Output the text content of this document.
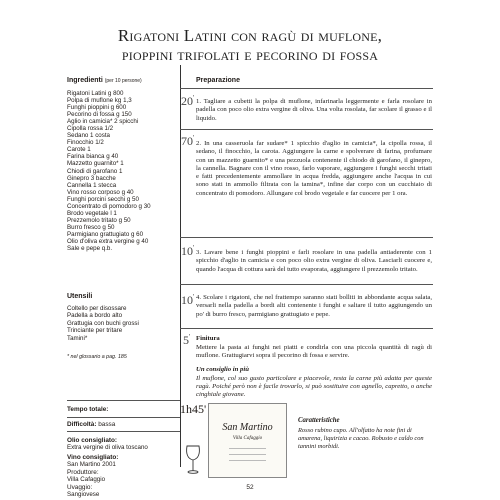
Rigatoni Latini con ragù di muflone,
pioppini trifolati e pecorino di fossa
Ingredienti (per 10 persone)
Rigatoni Latini g 800
Polpa di muflone kg 1,3
Funghi pioppini g 600
Pecorino di fossa g 150
Aglio in camicia* 2 spicchi
Cipolla rossa 1/2
Sedano 1 costa
Finocchio 1/2
Carote 1
Farina bianca g 40
Mazzetto guarnito* 1
Chiodi di garofano 1
Ginepro 3 bacche
Cannella 1 stecca
Vino rosso corposo g 40
Funghi porcini secchi g 50
Concentrato di pomodoro g 30
Brodo vegetale l 1
Prezzemolo tritato g 50
Burro fresco g 50
Parmigiano grattugiato g 60
Olio d'oliva extra vergine g 40
Sale e pepe q.b.
Utensili
Coltello per disossare
Padella a bordo alto
Grattugia con buchi grossi
Trinciante per tritare
Tamini*
* nel glossario a pag. 185
Preparazione
20' 1. Tagliare a cubetti la polpa di muflone, infarinarla leggermente e farla rosolare in padella con poco olio extra vergine di oliva. Una volta rosolata, far scolare il grasso e il liquido.
70'
2. In una casseruola far sudare* 1 spicchio d'aglio in camicia*, la cipolla rossa, il sedano, il finocchio, la carota. Aggiungere la carne e spolverare di farina, profumare con un mazzetto guarnito* e una pezzuola contenente il chiodo di garofano, il ginepro, la cannella. Bagnare con il vino rosso, farlo vaporare, aggiungere i funghi secchi tritati e fatti precedentemente ammollare in acqua fredda, aggiungere anche l'acqua in cui sono stati in ammollo filtrata con la tamina*, infine dar corpo con un cucchiaio di concentrato di pomodoro. Allungare col brodo vegetale e far cuocere per 1 ora.
10'
3. Lavare bene i funghi pioppini e farli rosolare in una padella antiaderente con 1 spicchio d'aglio in camicia e con poco olio extra vergine di oliva. Lasciarli cuocere e, quando l'acqua di cottura sarà del tutto evaporata, aggiungere il prezzemolo tritato.
10' 4. Scolare i rigatoni, che nel frattempo saranno stati bolliti in abbondante acqua salata, versarli nella padella a bordi alti contenente i funghi e saltare il tutto aggiungendo un po' di burro fresco, parmigiano grattugiato e pepe.
5' Finitura
Mettere la pasta ai funghi nei piatti e condirla con una piccola quantità di ragù di muflone. Grattugiarvi sopra il pecorino di fossa e servire.
Un consiglio in più
Il muflone, col suo gusto particolare e piacevole, resta la carne più adatta per queste ragù. Poiché però non è facile trovarlo, si può sostituire con agnello, capretto, o anche cinghiale giovane.
Tempo totale:	1h45'
Difficoltà: bassa
Olio consigliato:
Extra vergine di oliva toscano
Vino consigliato:
San Martino 2001
Produttore:
Villa Cafaggio
Uvaggio:
Sangiovese
San Martino
Villa Cafaggio
Caratteristiche
Rosso rubino cupo. All'olfatto ha note fini di amarena, liquirizia e cacao. Robusto e caldo con tannini morbidi.
52
